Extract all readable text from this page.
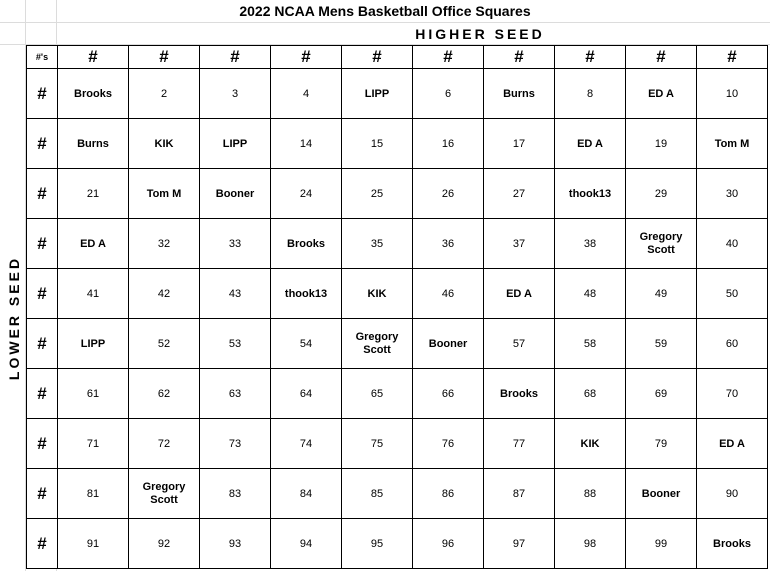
2022 NCAA Mens Basketball Office Squares
HIGHER SEED
LOWER SEED
#'s	#	#	#	#	#	#	#	#	#	#
#	Brooks	2	3	4	LIPP	6	Burns	8	ED A	10
#	Burns	KIK	LIPP	14	15	16	17	ED A	19	Tom M
#	21	Tom M	Booner	24	25	26	27	thook13	29	30
#	ED A	32	33	Brooks	35	36	37	38	Gregory
Scott	40
#	41	42	43	thook13	KIK	46	ED A	48	49	50
#	LIPP	52	53	54	Gregory
Scott	Booner	57	58	59	60
#	61	62	63	64	65	66	Brooks	68	69	70
#	71	72	73	74	75	76	77	KIK	79	ED A
#	81	Gregory
Scott	83	84	85	86	87	88	Booner	90
#	91	92	93	94	95	96	97	98	99	Brooks
